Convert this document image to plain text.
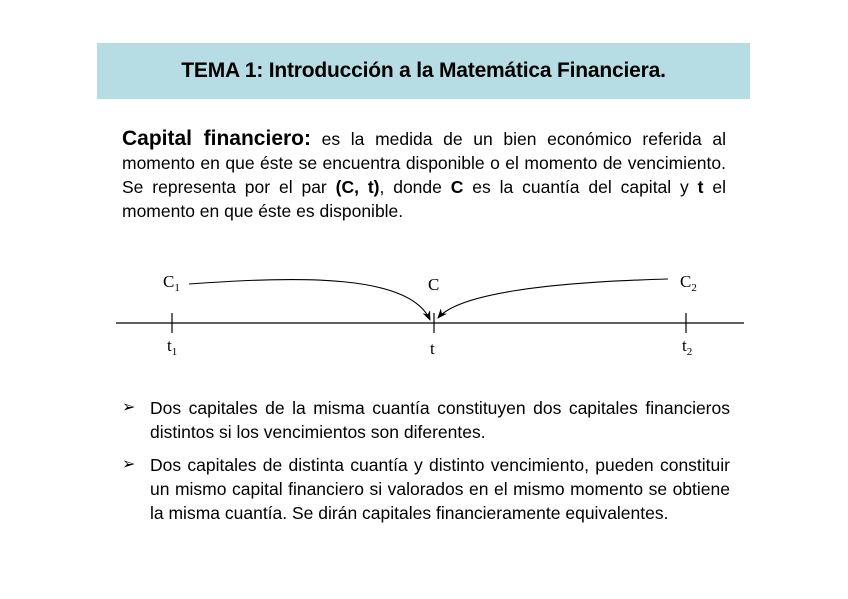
TEMA 1: Introducción a la Matemática Financiera.

Capital financiero: es la medida de un bien económico referida al momento en que éste se encuentra disponible o el momento de vencimiento. Se representa por el par (C, t), donde C es la cuantía del capital y t el momento en que éste es disponible.

$C_1$	C	$C_2$
$t_1$	t	$t_2$
➢ Dos capitales de la misma cuantía constituyen dos capitales financieros distintos si los vencimientos son diferentes.
➢ Dos capitales de distinta cuantía y distinto vencimiento, pueden constituir un mismo capital financiero si valorados en el mismo momento se obtiene la misma cuantía. Se dirán capitales financieramente equivalentes.
